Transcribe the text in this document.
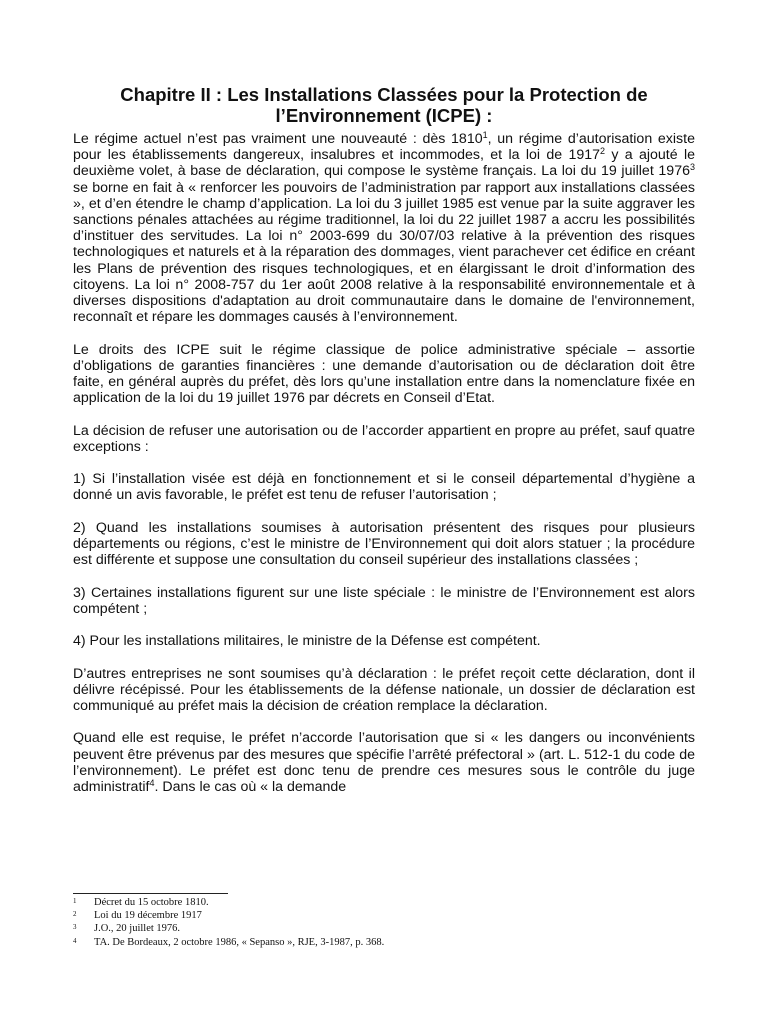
Chapitre II : Les Installations Classées pour la Protection de l’Environnement (ICPE) :

Le régime actuel n’est pas vraiment une nouveauté : dès 1810$^1$, un régime d’autorisation existe pour les établissements dangereux, insalubres et incommodes, et la loi de 1917$^2$ y a ajouté le deuxième volet, à base de déclaration, qui compose le système français. La loi du 19 juillet 1976$^3$ se borne en fait à « renforcer les pouvoirs de l’administration par rapport aux installations classées », et d’en étendre le champ d’application. La loi du 3 juillet 1985 est venue par la suite aggraver les sanctions pénales attachées au régime traditionnel, la loi du 22 juillet 1987 a accru les possibilités d’instituer des servitudes. La loi n° 2003-699 du 30/07/03 relative à la prévention des risques technologiques et naturels et à la réparation des dommages, vient parachever cet édifice en créant les Plans de prévention des risques technologiques, et en élargissant le droit d’information des citoyens. La loi n° 2008-757 du 1er août 2008 relative à la responsabilité environnementale et à diverses dispositions d'adaptation au droit communautaire dans le domaine de l'environnement, reconnaît et répare les dommages causés à l’environnement.

Le droits des ICPE suit le régime classique de police administrative spéciale – assortie d’obligations de garanties financières : une demande d’autorisation ou de déclaration doit être faite, en général auprès du préfet, dès lors qu’une installation entre dans la nomenclature fixée en application de la loi du 19 juillet 1976 par décrets en Conseil d’Etat.

La décision de refuser une autorisation ou de l’accorder appartient en propre au préfet, sauf quatre exceptions :

1) Si l’installation visée est déjà en fonctionnement et si le conseil départemental d’hygiène a donné un avis favorable, le préfet est tenu de refuser l’autorisation ;

2) Quand les installations soumises à autorisation présentent des risques pour plusieurs départements ou régions, c’est le ministre de l’Environnement qui doit alors statuer ; la procédure est différente et suppose une consultation du conseil supérieur des installations classées ;

3) Certaines installations figurent sur une liste spéciale : le ministre de l’Environnement est alors compétent ;

4) Pour les installations militaires, le ministre de la Défense est compétent.

D’autres entreprises ne sont soumises qu’à déclaration : le préfet reçoit cette déclaration, dont il délivre récépissé. Pour les établissements de la défense nationale, un dossier de déclaration est communiqué au préfet mais la décision de création remplace la déclaration.

Quand elle est requise, le préfet n’accorde l’autorisation que si « les dangers ou inconvénients peuvent être prévenus par des mesures que spécifie l’arrêté préfectoral » (art. L. 512-1 du code de l’environnement). Le préfet est donc tenu de prendre ces mesures sous le contrôle du juge administratif$^4$. Dans le cas où « la demande

1	Décret du 15 octobre 1810.
2	Loi du 19 décembre 1917
3	J.O., 20 juillet 1976.
4	TA. De Bordeaux, 2 octobre 1986, « Sepanso », RJE, 3-1987, p. 368.
